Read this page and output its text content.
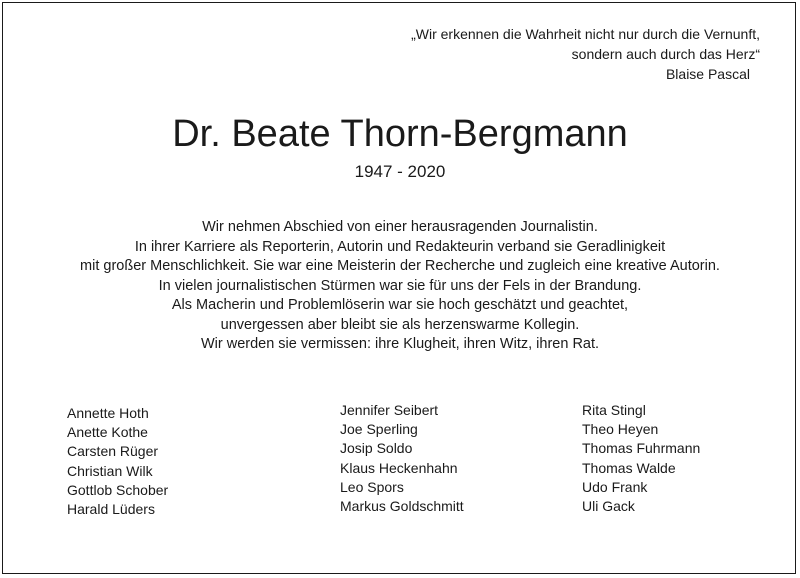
„Wir erkennen die Wahrheit nicht nur durch die Vernunft,
sondern auch durch das Herz“
Blaise Pascal
Dr. Beate Thorn-Bergmann
1947 - 2020
Wir nehmen Abschied von einer herausragenden Journalistin.
In ihrer Karriere als Reporterin, Autorin und Redakteurin verband sie Geradlinigkeit
mit großer Menschlichkeit. Sie war eine Meisterin der Recherche und zugleich eine kreative Autorin.
In vielen journalistischen Stürmen war sie für uns der Fels in der Brandung.
Als Macherin und Problemlöserin war sie hoch geschätzt und geachtet,
unvergessen aber bleibt sie als herzenswarme Kollegin.
Wir werden sie vermissen: ihre Klugheit, ihren Witz, ihren Rat.
Annette Hoth
Anette Kothe
Carsten Rüger
Christian Wilk
Gottlob Schober
Harald Lüders
Jennifer Seibert
Joe Sperling
Josip Soldo
Klaus Heckenhahn
Leo Spors
Markus Goldschmitt
Rita Stingl
Theo Heyen
Thomas Fuhrmann
Thomas Walde
Udo Frank
Uli Gack
